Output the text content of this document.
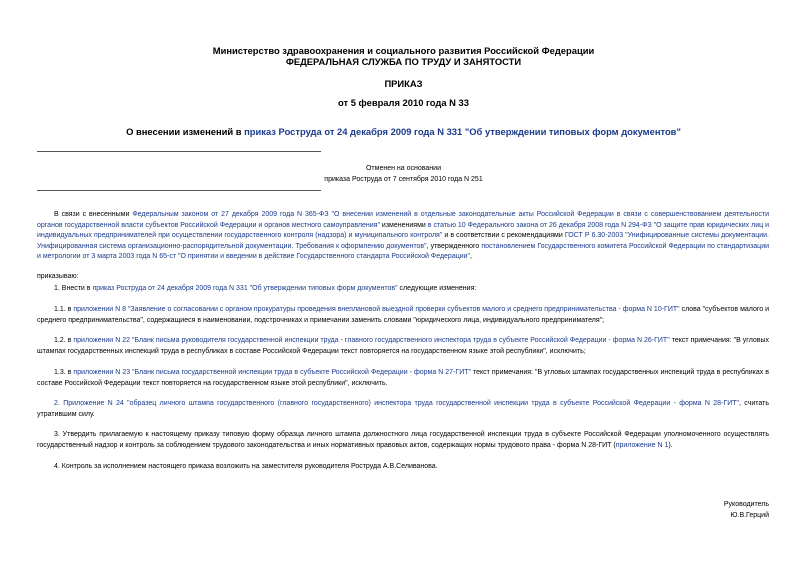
Министерство здравоохранения и социального развития Российской Федерации
ФЕДЕРАЛЬНАЯ СЛУЖБА ПО ТРУДУ И ЗАНЯТОСТИ
ПРИКАЗ
от 5 февраля 2010 года N 33
О внесении изменений в приказ Роструда от 24 декабря 2009 года N 331 "Об утверждении типовых форм документов"
Отменен на основании
приказа Роструда от 7 сентября 2010 года N 251
В связи с внесенными Федеральным законом от 27 декабря 2009 года N 365-ФЗ "О внесении изменений в отдельные законодательные акты Российской Федерации в связи с совершенствованием деятельности органов государственной власти субъектов Российской Федерации и органов местного самоуправления" изменениями в статью 10 Федерального закона от 26 декабря 2008 года N 294-ФЗ "О защите прав юридических лиц и индивидуальных предпринимателей при осуществлении государственного контроля (надзора) и муниципального контроля" и в соответствии с рекомендациями ГОСТ Р 6.30-2003 "Унифицированные системы документации. Унифицированная система организационно-распорядительной документации. Требования к оформлению документов", утвержденного постановлением Государственного комитета Российской Федерации по стандартизации и метрологии от 3 марта 2003 года N 65-ст "О принятии и введении в действие Государственного стандарта Российской Федерации",
приказываю:
1. Внести в приказ Роструда от 24 декабря 2009 года N 331 "Об утверждении типовых форм документов" следующие изменения:
1.1. в приложении N 8 "Заявление о согласовании с органом прокуратуры проведения внеплановой выездной проверки субъектов малого и среднего предпринимательства - форма N 10-ГИТ" слова "субъектов малого и среднего предпринимательства", содержащиеся в наименовании, подстрочниках и примечании заменить словами "юридического лица, индивидуального предпринимателя";
1.2. в приложении N 22 "Бланк письма руководителя государственной инспекции труда - главного государственного инспектора труда в субъекте Российской Федерации - форма N 26-ГИТ" текст примечания: "В угловых штампах государственных инспекций труда в республиках в составе Российской Федерации текст повторяется на государственном языке этой республики", исключить;
1.3. в приложении N 23 "Бланк письма государственной инспекции труда в субъекте Российской Федерации - форма N 27-ГИТ" текст примечания: "В угловых штампах государственных инспекций труда в республиках в составе Российской Федерации текст повторяется на государственном языке этой республики", исключить.
2. Приложение N 24 "образец личного штампа государственного (главного государственного) инспектора труда государственной инспекции труда в субъекте Российской Федерации - форма N 28-ГИТ", считать утратившим силу.
3. Утвердить прилагаемую к настоящему приказу типовую форму образца личного штампа должностного лица государственной инспекции труда в субъекте Российской Федерации уполномоченного осуществлять государственный надзор и контроль за соблюдением трудового законодательства и иных нормативных правовых актов, содержащих нормы трудового права - форма N 28-ГИТ (приложение N 1).
4. Контроль за исполнением настоящего приказа возложить на заместителя руководителя Роструда А.В.Селиванова.
Руководитель
Ю.В.Герций
